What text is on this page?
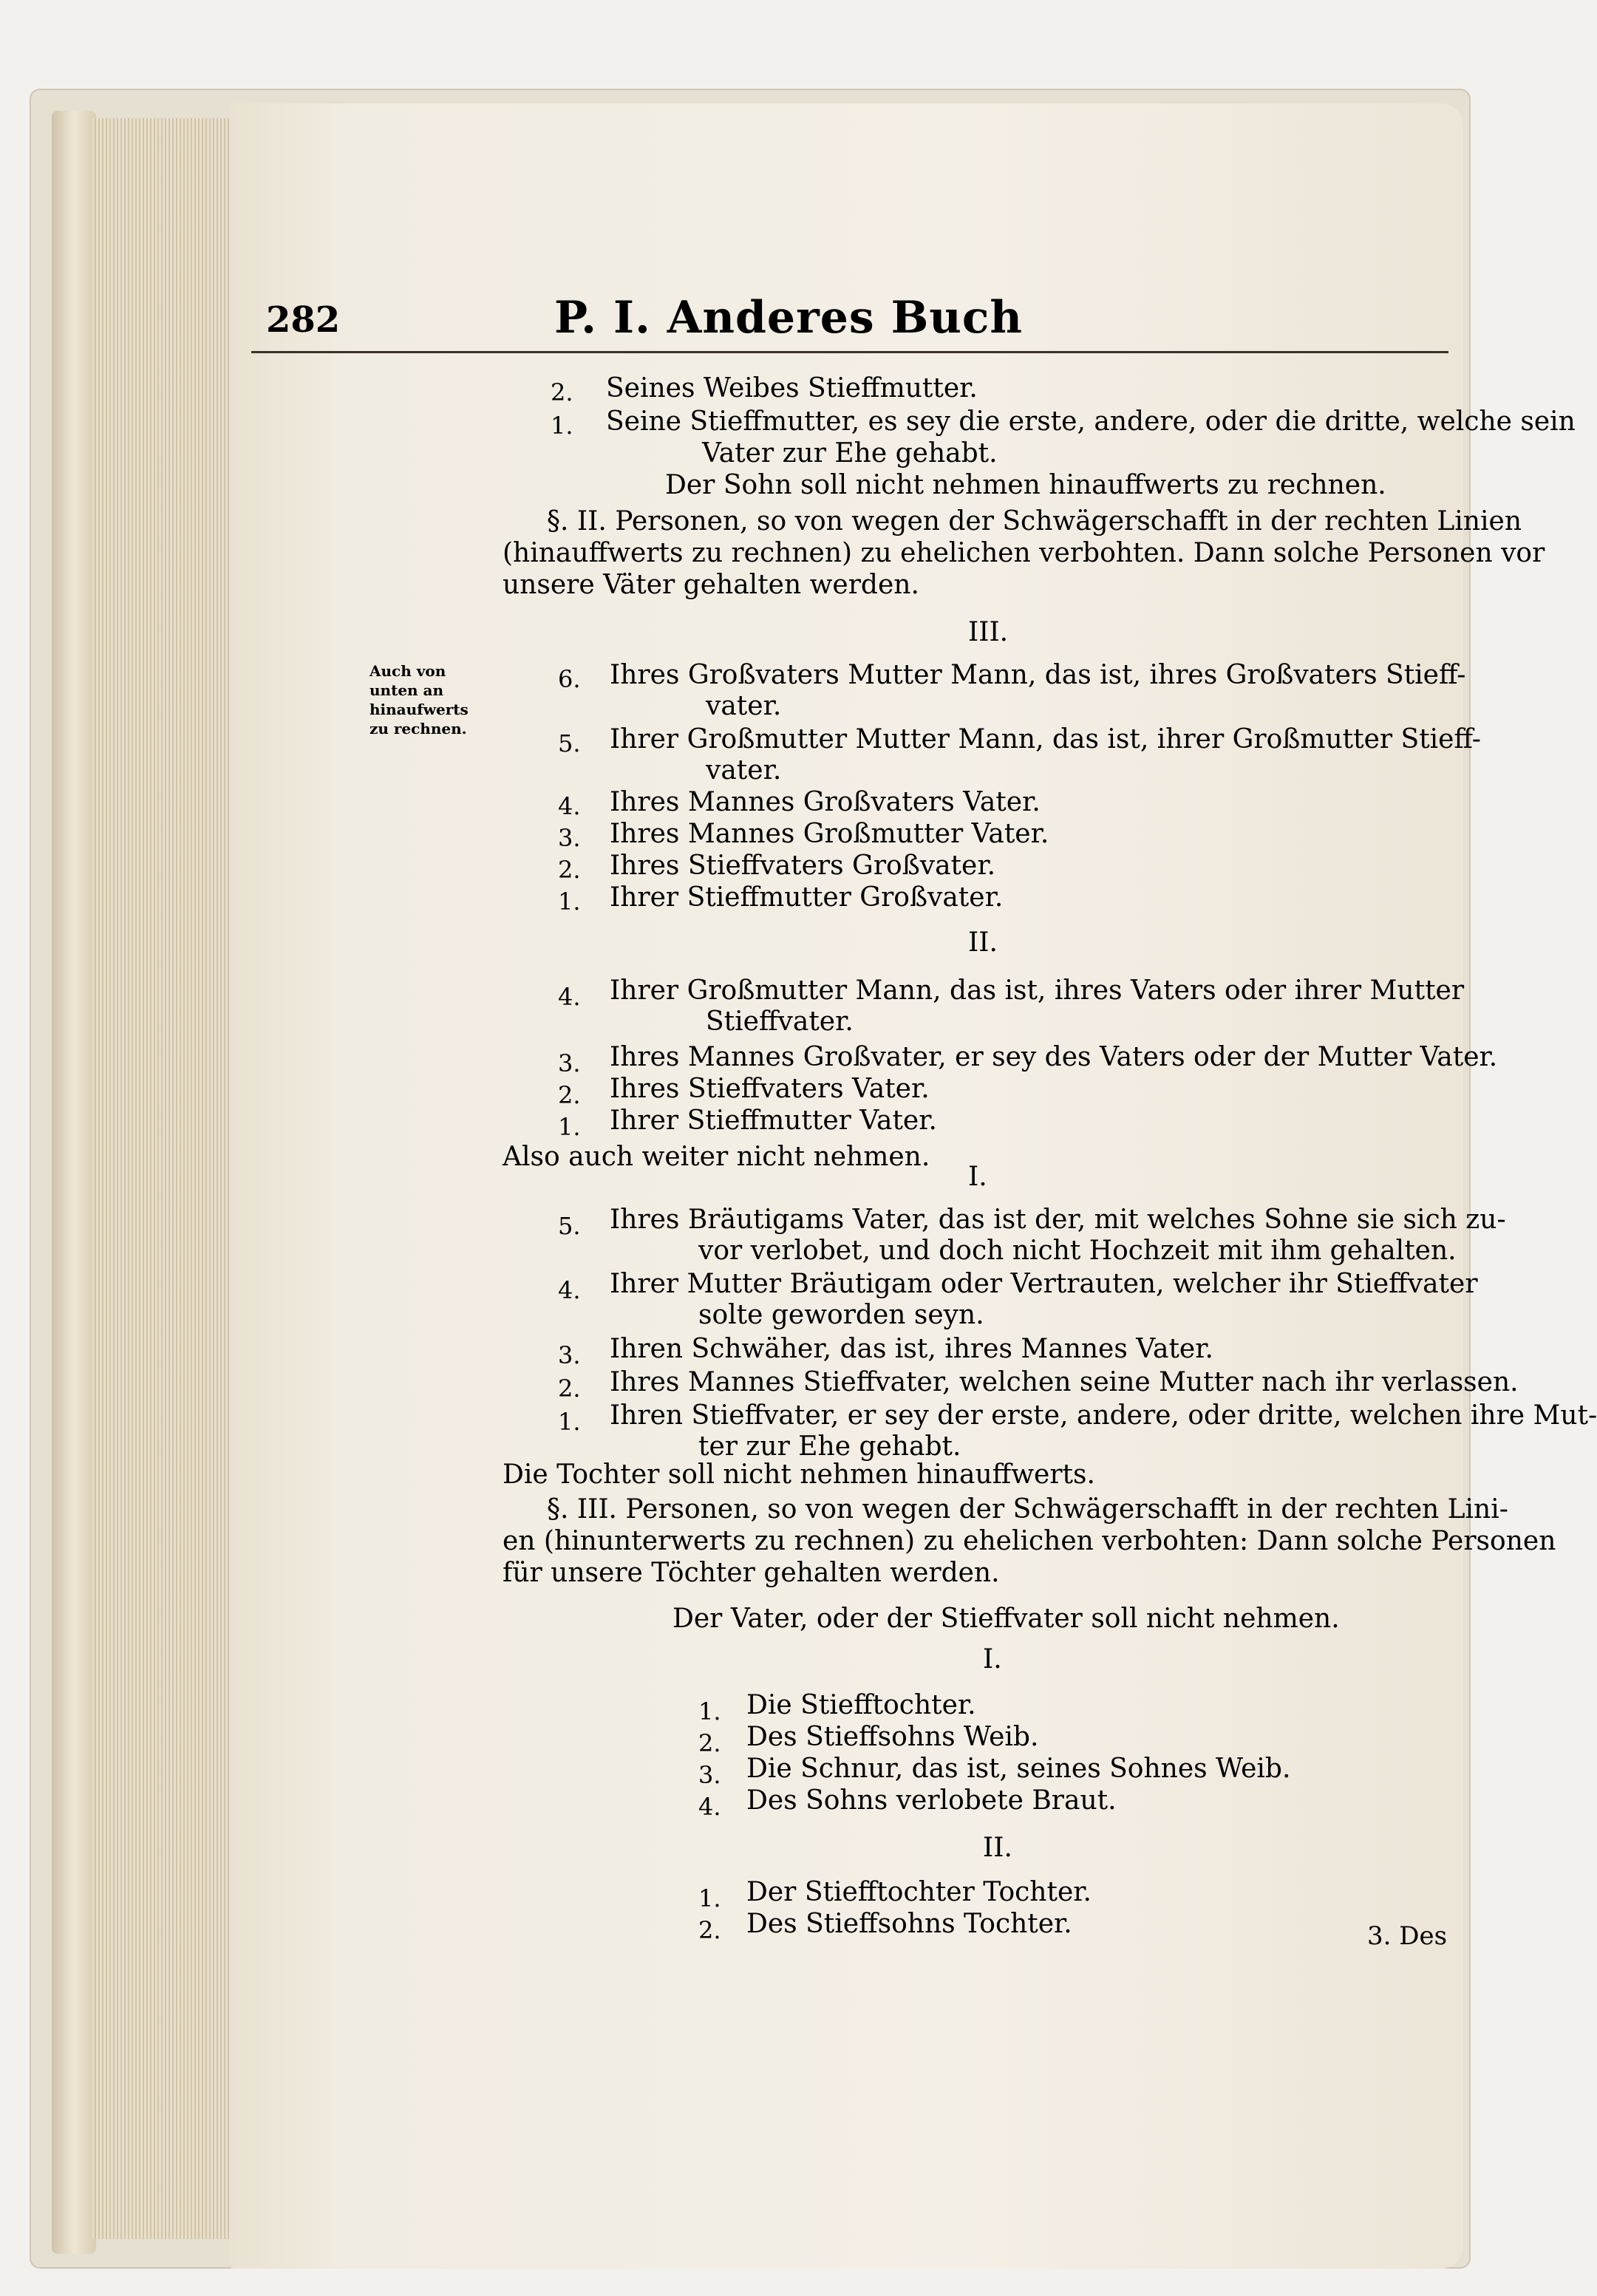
282	P. I. Anderes Buch
Auch von unten an hinaufwerts zu rechnen.
2. Seines Weibes Stieffmutter.
1. Seine Stieffmutter, es sey die erste, andere, oder die dritte, welche sein
Vater zur Ehe gehabt.
Der Sohn soll nicht nehmen hinauffwerts zu rechnen.
§. II. Personen, so von wegen der Schwägerschafft in der rechten Linien
(hinauffwerts zu rechnen) zu ehelichen verbohten. Dann solche Personen vor
unsere Väter gehalten werden.
III.
6. Ihres Großvaters Mutter Mann, das ist, ihres Großvaters Stieff-
vater.
5. Ihrer Großmutter Mutter Mann, das ist, ihrer Großmutter Stieff-
vater.
4. Ihres Mannes Großvaters Vater.
3. Ihres Mannes Großmutter Vater.
2. Ihres Stieffvaters Großvater.
1. Ihrer Stieffmutter Großvater.
II.
4. Ihrer Großmutter Mann, das ist, ihres Vaters oder ihrer Mutter
Stieffvater.
3. Ihres Mannes Großvater, er sey des Vaters oder der Mutter Vater.
2. Ihres Stieffvaters Vater.
1. Ihrer Stieffmutter Vater.
Also auch weiter nicht nehmen.
I.
5. Ihres Bräutigams Vater, das ist der, mit welches Sohne sie sich zu-
vor verlobet, und doch nicht Hochzeit mit ihm gehalten.
4. Ihrer Mutter Bräutigam oder Vertrauten, welcher ihr Stieffvater
solte geworden seyn.
3. Ihren Schwäher, das ist, ihres Mannes Vater.
2. Ihres Mannes Stieffvater, welchen seine Mutter nach ihr verlassen.
1. Ihren Stieffvater, er sey der erste, andere, oder dritte, welchen ihre Mut-
ter zur Ehe gehabt.
Die Tochter soll nicht nehmen hinauffwerts.
§. III. Personen, so von wegen der Schwägerschafft in der rechten Lini-
en (hinunterwerts zu rechnen) zu ehelichen verbohten: Dann solche Personen
für unsere Töchter gehalten werden.
Der Vater, oder der Stieffvater soll nicht nehmen.
I.
1. Die Stiefftochter.
2. Des Stieffsohns Weib.
3. Die Schnur, das ist, seines Sohnes Weib.
4. Des Sohns verlobete Braut.
II.
1. Der Stiefftochter Tochter.
2. Des Stieffsohns Tochter.	3. Des
